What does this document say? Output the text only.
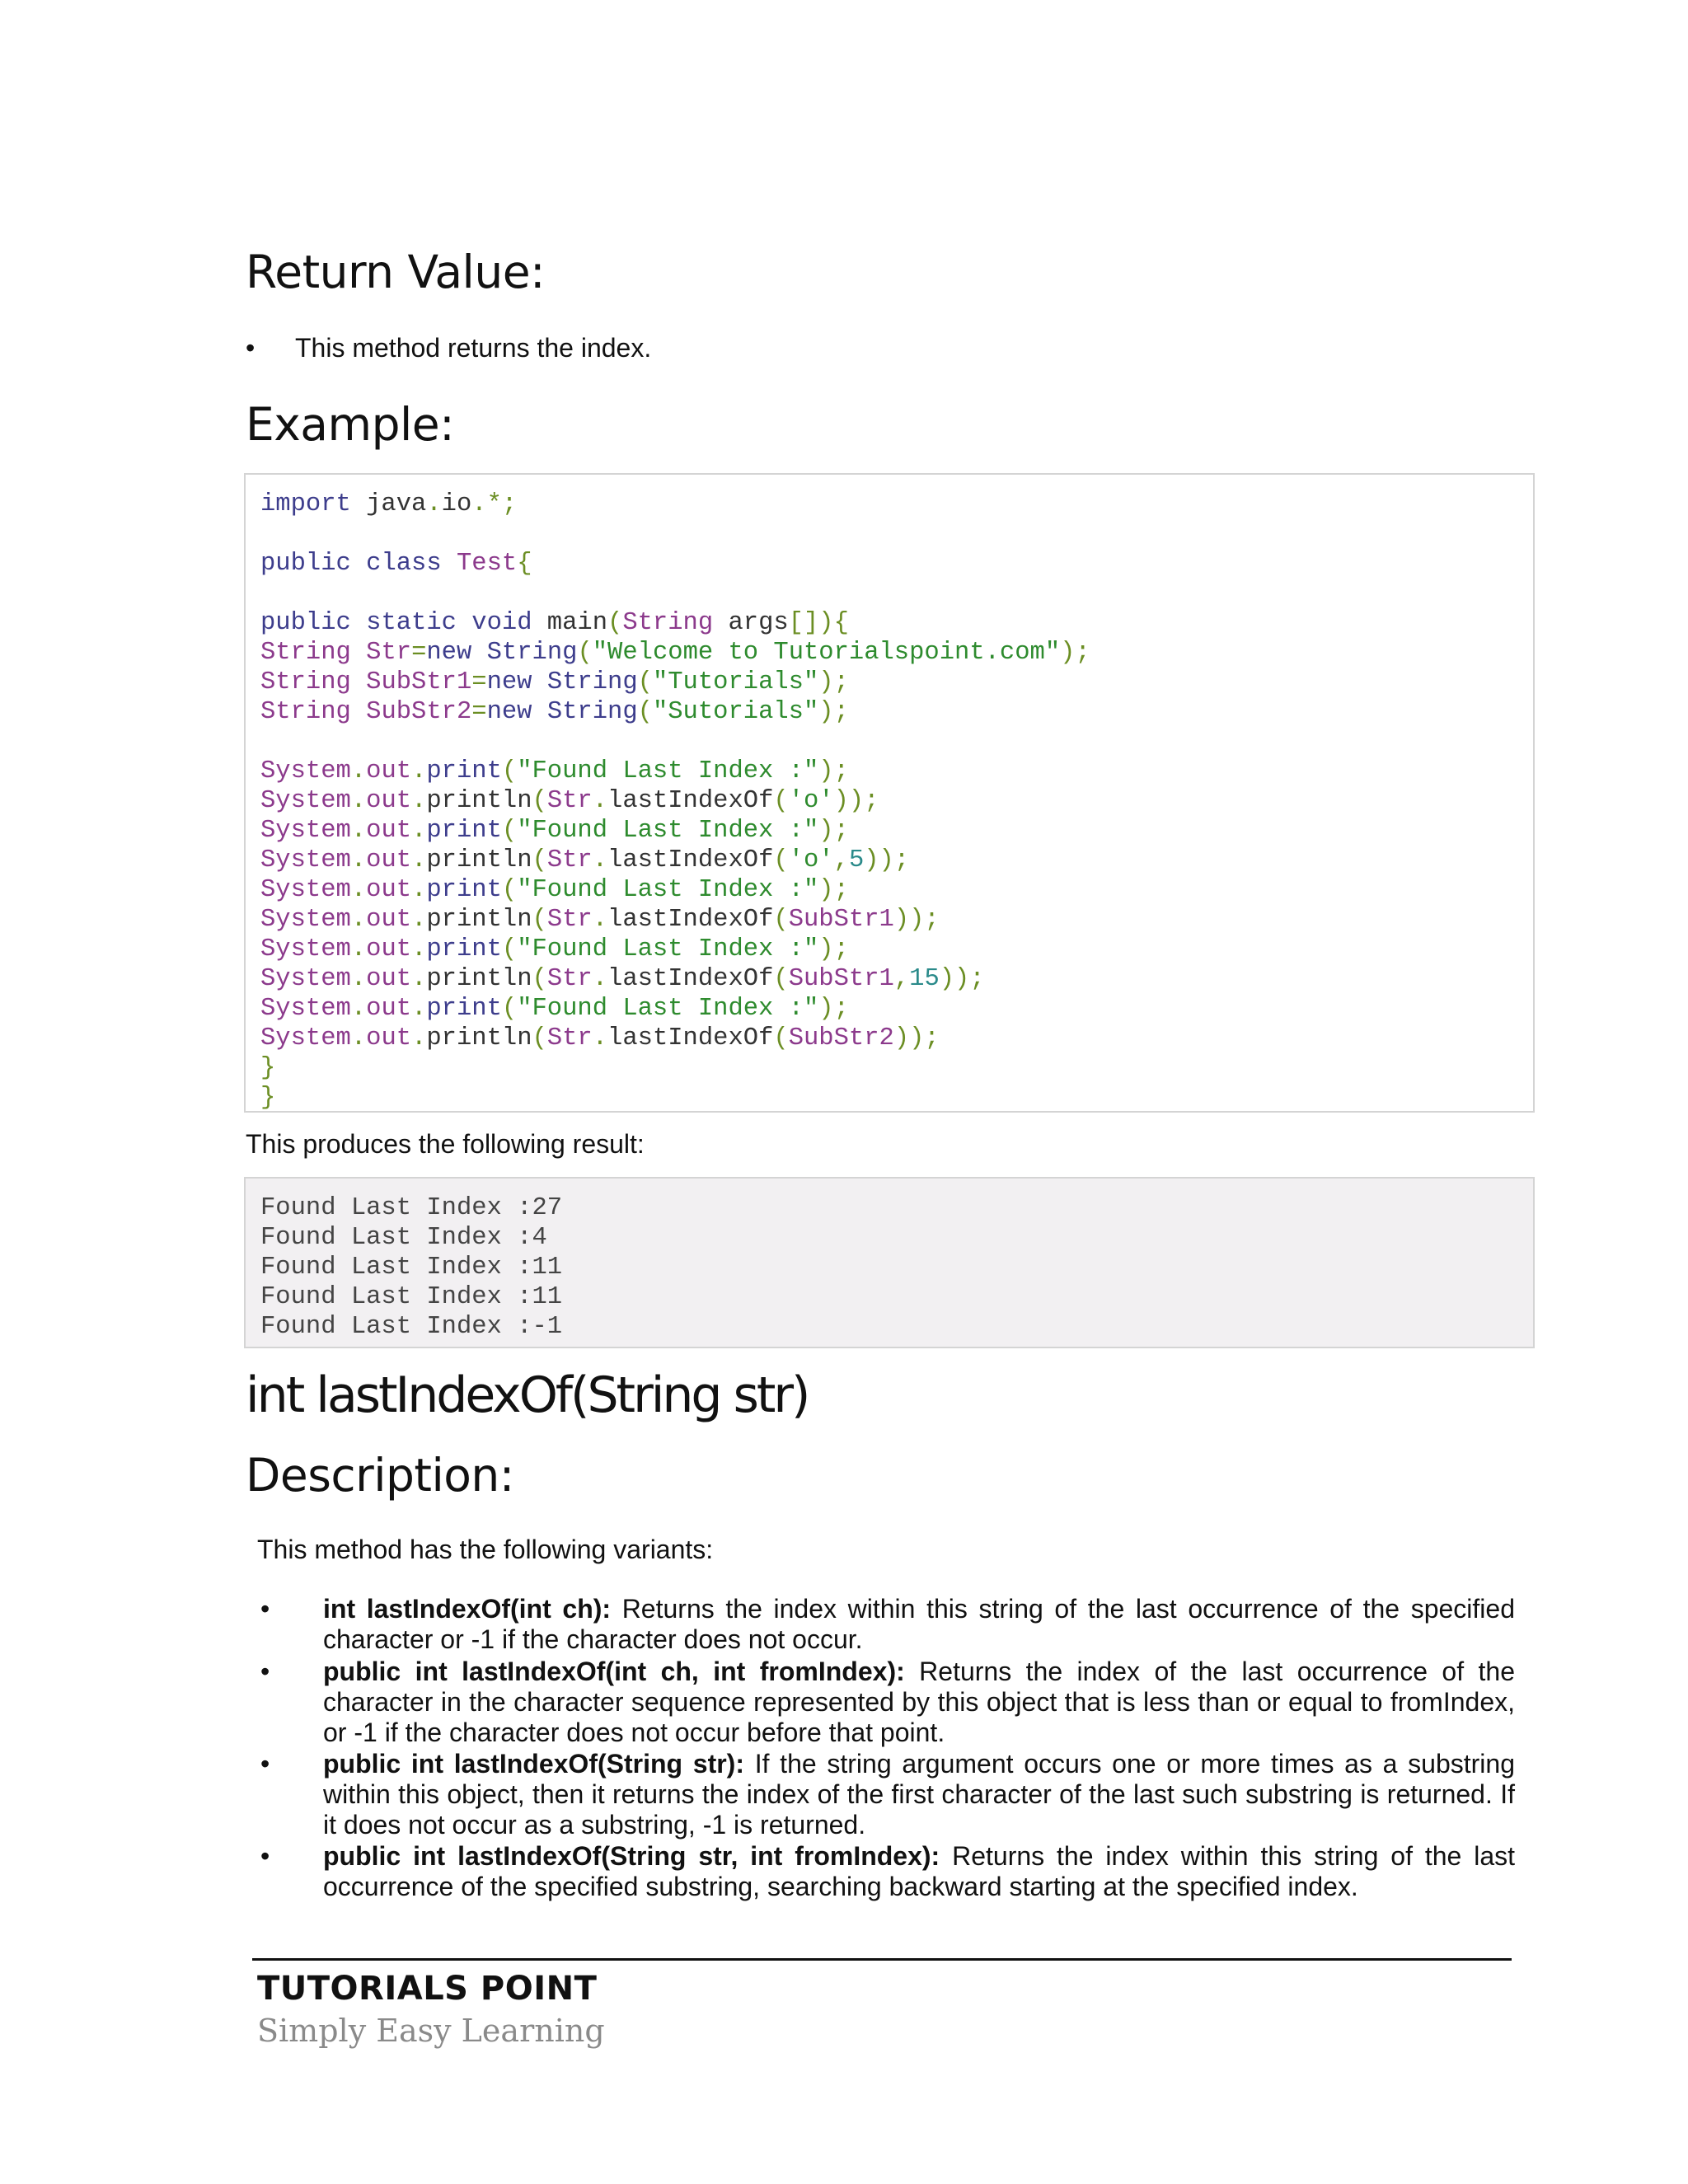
Return Value:
• This method returns the index.
Example:
import java.io.*;
public class Test{
public static void main(String args[]){
String Str=new String("Welcome to Tutorialspoint.com");
String SubStr1=new String("Tutorials");
String SubStr2=new String("Sutorials");
System.out.print("Found Last Index :");
System.out.println(Str.lastIndexOf('o'));
System.out.print("Found Last Index :");
System.out.println(Str.lastIndexOf('o',5));
System.out.print("Found Last Index :");
System.out.println(Str.lastIndexOf(SubStr1));
System.out.print("Found Last Index :");
System.out.println(Str.lastIndexOf(SubStr1,15));
System.out.print("Found Last Index :");
System.out.println(Str.lastIndexOf(SubStr2));
}
}
This produces the following result:
Found Last Index :27
Found Last Index :4
Found Last Index :11
Found Last Index :11
Found Last Index :-1
int lastIndexOf(String str)
Description:
This method has the following variants:
• int lastIndexOf(int ch): Returns the index within this string of the last occurrence of the specified character or -1 if the character does not occur.
• public int lastIndexOf(int ch, int fromIndex): Returns the index of the last occurrence of the character in the character sequence represented by this object that is less than or equal to fromIndex, or -1 if the character does not occur before that point.
• public int lastIndexOf(String str): If the string argument occurs one or more times as a substring within this object, then it returns the index of the first character of the last such substring is returned. If it does not occur as a substring, -1 is returned.
• public int lastIndexOf(String str, int fromIndex): Returns the index within this string of the last occurrence of the specified substring, searching backward starting at the specified index.
TUTORIALS POINT
Simply Easy Learning
